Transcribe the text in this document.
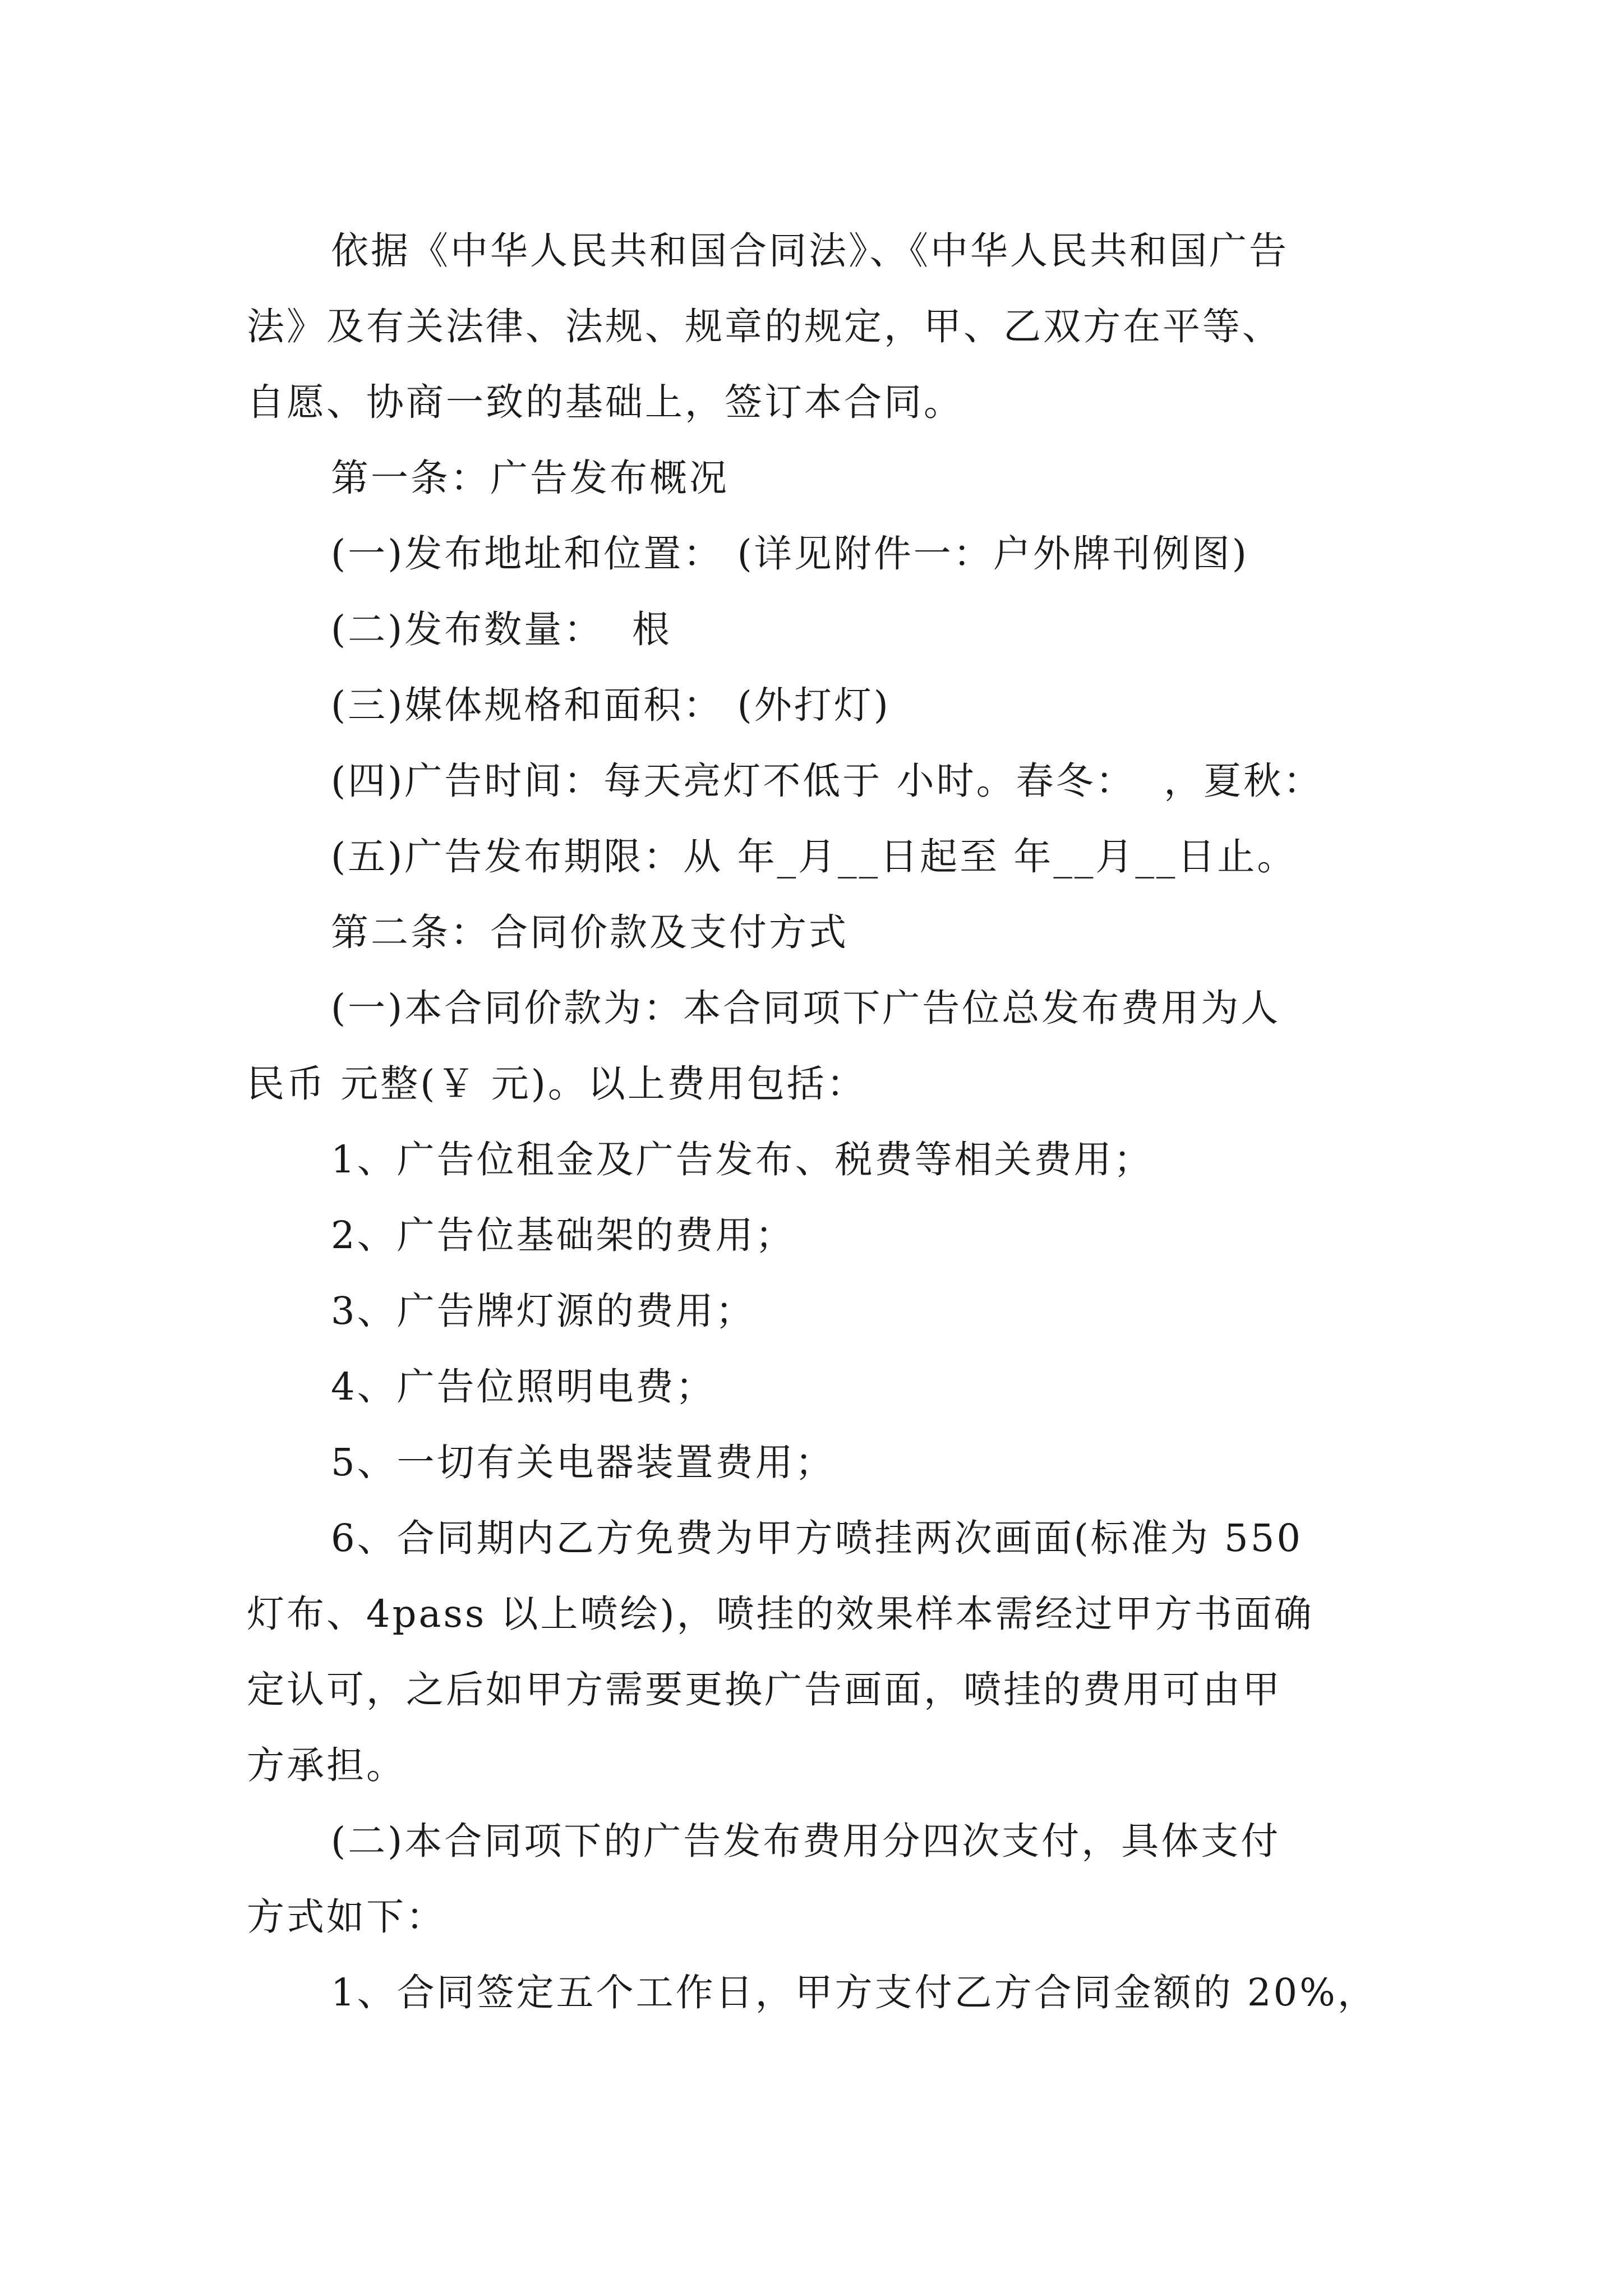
依据《中华人民共和国合同法》、《中华人民共和国广告
法》及有关法律、法规、规章的规定，甲、乙双方在平等、
自愿、协商一致的基础上，签订本合同。
第一条：广告发布概况
(一)发布地址和位置： (详见附件一：户外牌刊例图)
(二)发布数量：  根
(三)媒体规格和面积： (外打灯)
(四)广告时间：每天亮灯不低于 小时。春冬：  ，夏秋：
(五)广告发布期限：从 年_月__日起至 年__月__日止。
第二条：合同价款及支付方式
(一)本合同价款为：本合同项下广告位总发布费用为人
民币 元整(￥ 元)。以上费用包括：
1、广告位租金及广告发布、税费等相关费用；
2、广告位基础架的费用；
3、广告牌灯源的费用；
4、广告位照明电费；
5、一切有关电器装置费用；
6、合同期内乙方免费为甲方喷挂两次画面(标准为 550
灯布、4pass 以上喷绘)，喷挂的效果样本需经过甲方书面确
定认可，之后如甲方需要更换广告画面，喷挂的费用可由甲
方承担。
(二)本合同项下的广告发布费用分四次支付，具体支付
方式如下：
1、合同签定五个工作日，甲方支付乙方合同金额的 20%，
